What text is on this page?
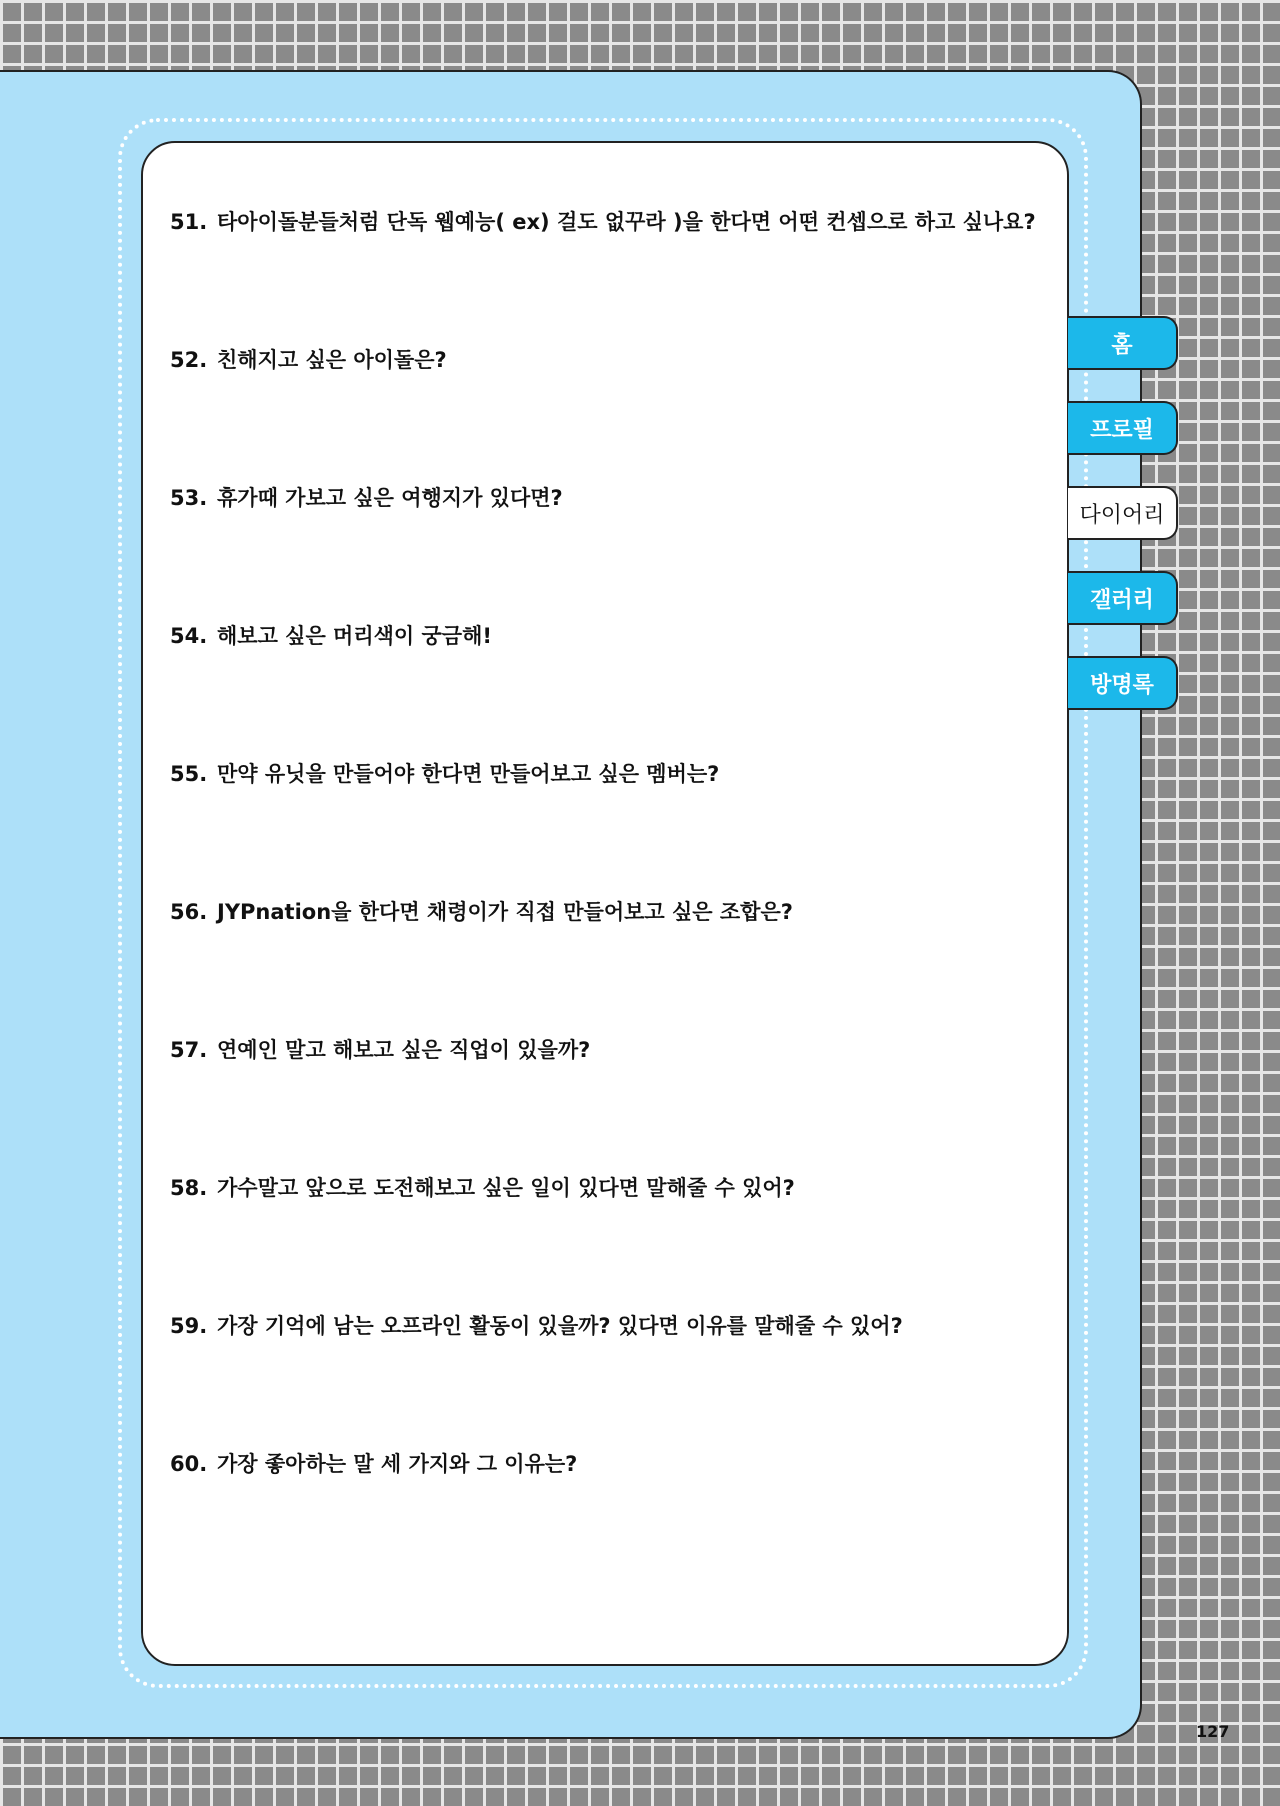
51. 타아이돌분들처럼 단독 웹예능( ex) 걸도 없꾸라 )을 한다면 어떤 컨셉으로 하고 싶나요?
52. 친해지고 싶은 아이돌은?
53. 휴가때 가보고 싶은 여행지가 있다면?
54. 해보고 싶은 머리색이 궁금해!
55. 만약 유닛을 만들어야 한다면 만들어보고 싶은 멤버는?
56. JYPnation을 한다면 채령이가 직접 만들어보고 싶은 조합은?
57. 연예인 말고 해보고 싶은 직업이 있을까?
58. 가수말고 앞으로 도전해보고 싶은 일이 있다면 말해줄 수 있어?
59. 가장 기억에 남는 오프라인 활동이 있을까? 있다면 이유를 말해줄 수 있어?
60. 가장 좋아하는 말 세 가지와 그 이유는?
홈
프로필
다이어리
갤러리
방명록
127
